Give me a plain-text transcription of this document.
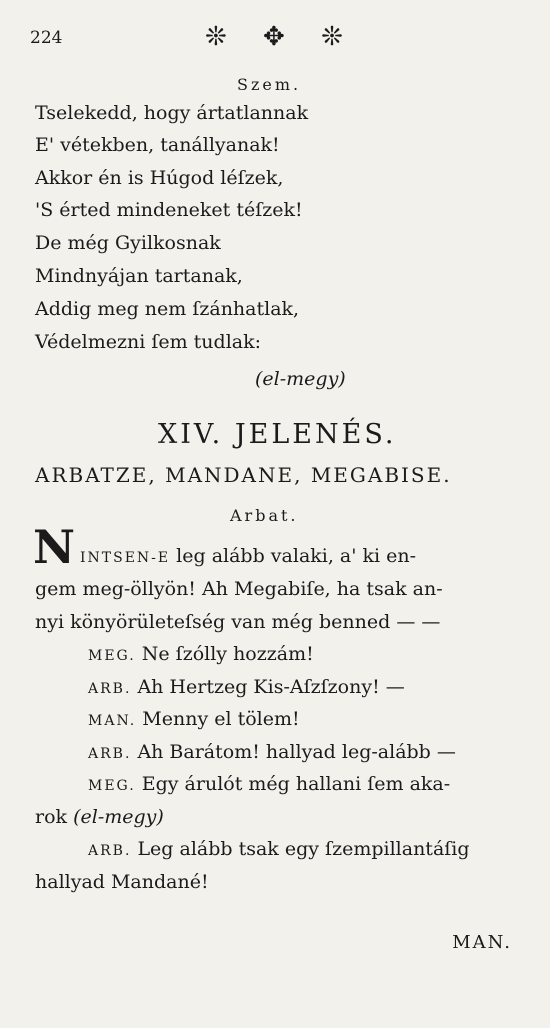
224	❊ ✥ ❊
Szem.
Tselekedd, hogy ártatlannak
E' vétekben, tanállyanak!
Akkor én is Húgod léſzek,
'S érted mindeneket téſzek!
De még Gyilkosnak
Mindnyájan tartanak,
Addig meg nem ſzánhatlak,
Védelmezni ſem tudlak:
(el-megy)
XIV. JELENÉS.
ARBATZE, MANDANE, MEGABISE.
Arbat.
N INTSEN-E leg alább valaki, a' ki en-
gem meg-öllyön! Ah Megabiſe, ha tsak an-
nyi könyörületeſség van még benned — —
MEG. Ne ſzólly hozzám!
ARB. Ah Hertzeg Kis-Aſzſzony! —
MAN. Menny el tölem!
ARB. Ah Barátom! hallyad leg-alább —
MEG. Egy árulót még hallani ſem aka-
rok (el-megy)
ARB. Leg alább tsak egy ſzempillantáſig
hallyad Mandané!
MAN.
